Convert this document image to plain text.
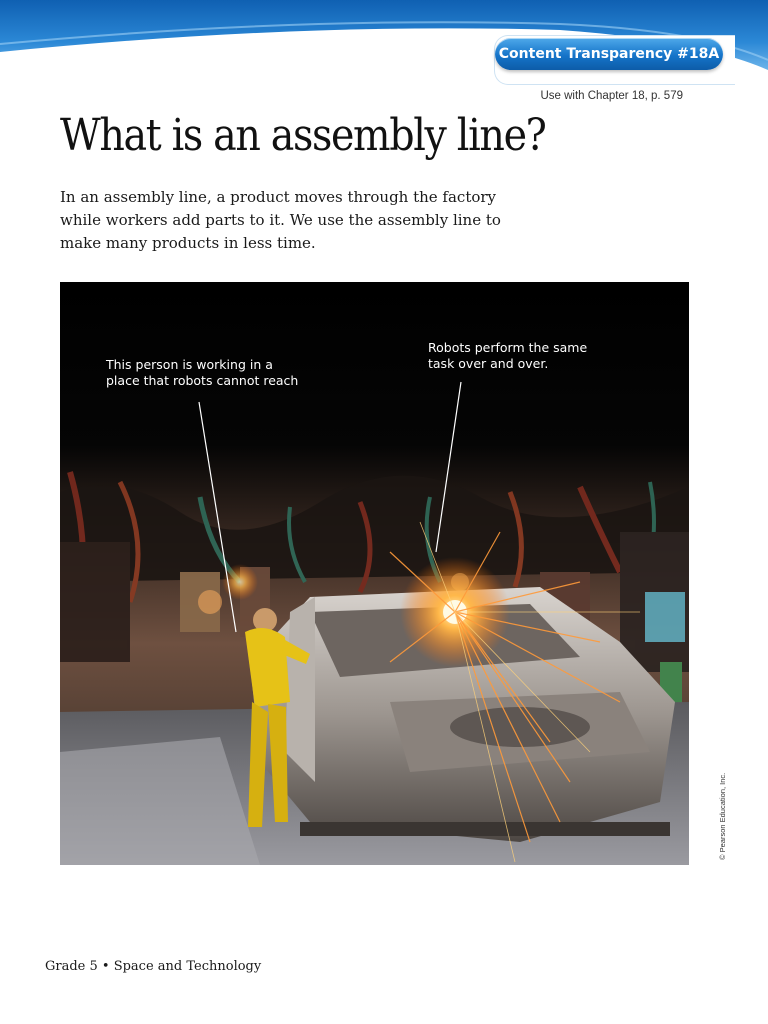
Content Transparency #18A
Use with Chapter 18, p. 579
What is an assembly line?

In an assembly line, a product moves through the factory while workers add parts to it. We use the assembly line to make many products in less time.

This person is working in a place that robots cannot reach
Robots perform the same task over and over.
© Pearson Education, Inc.
Grade 5 • Space and Technology
